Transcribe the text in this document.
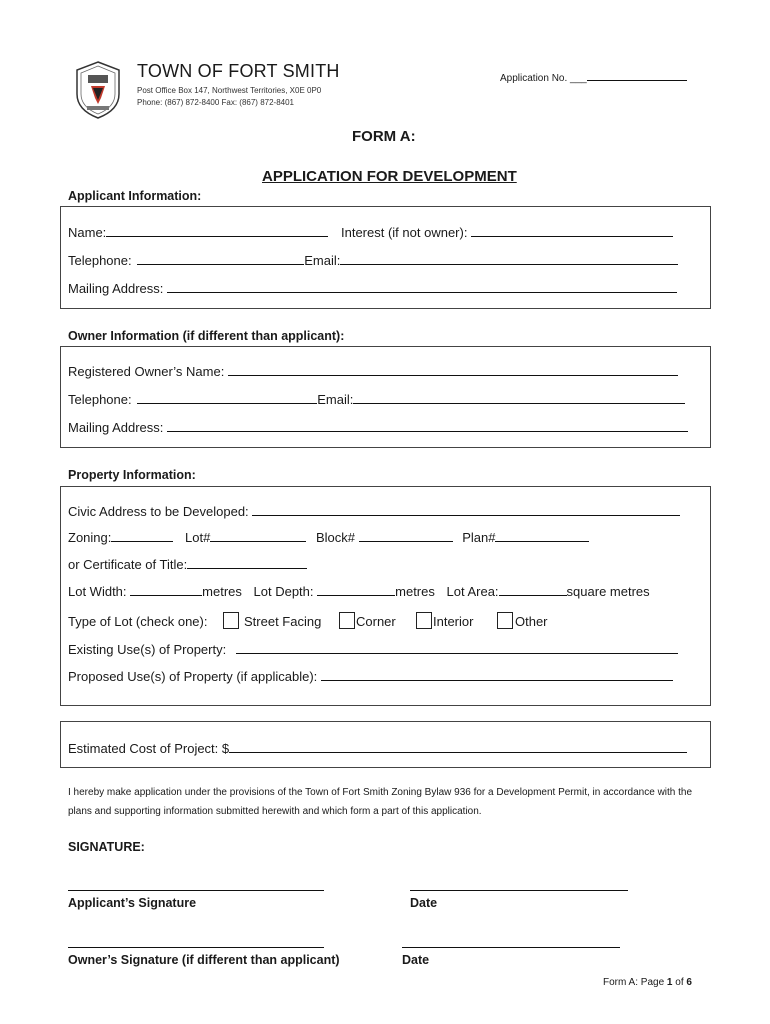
TOWN OF FORT SMITH
Post Office Box 147, Northwest Territories, X0E 0P0
Phone: (867) 872-8400 Fax: (867) 872-8401
Application No. ___
FORM A:
APPLICATION FOR DEVELOPMENT
Applicant Information:
Name:	Interest (if not owner):
Telephone:	Email:
Mailing Address:
Owner Information (if different than applicant):
Registered Owner’s Name:
Telephone:	Email:
Mailing Address:
Property Information:
Civic Address to be Developed:
Zoning:	Lot#	Block#	Plan#
or Certificate of Title:
Lot Width:	metres Lot Depth:	metres Lot Area:	square metres
Type of Lot (check one):	Street Facing	Corner	Interior	Other
Existing Use(s) of Property:
Proposed Use(s) of Property (if applicable):
Estimated Cost of Project: $
I hereby make application under the provisions of the Town of Fort Smith Zoning Bylaw 936 for a Development Permit, in accordance with the plans and supporting information submitted herewith and which form a part of this application.
SIGNATURE:
Applicant’s Signature	Date
Owner’s Signature (if different than applicant)	Date
Form A: Page 1 of 6
